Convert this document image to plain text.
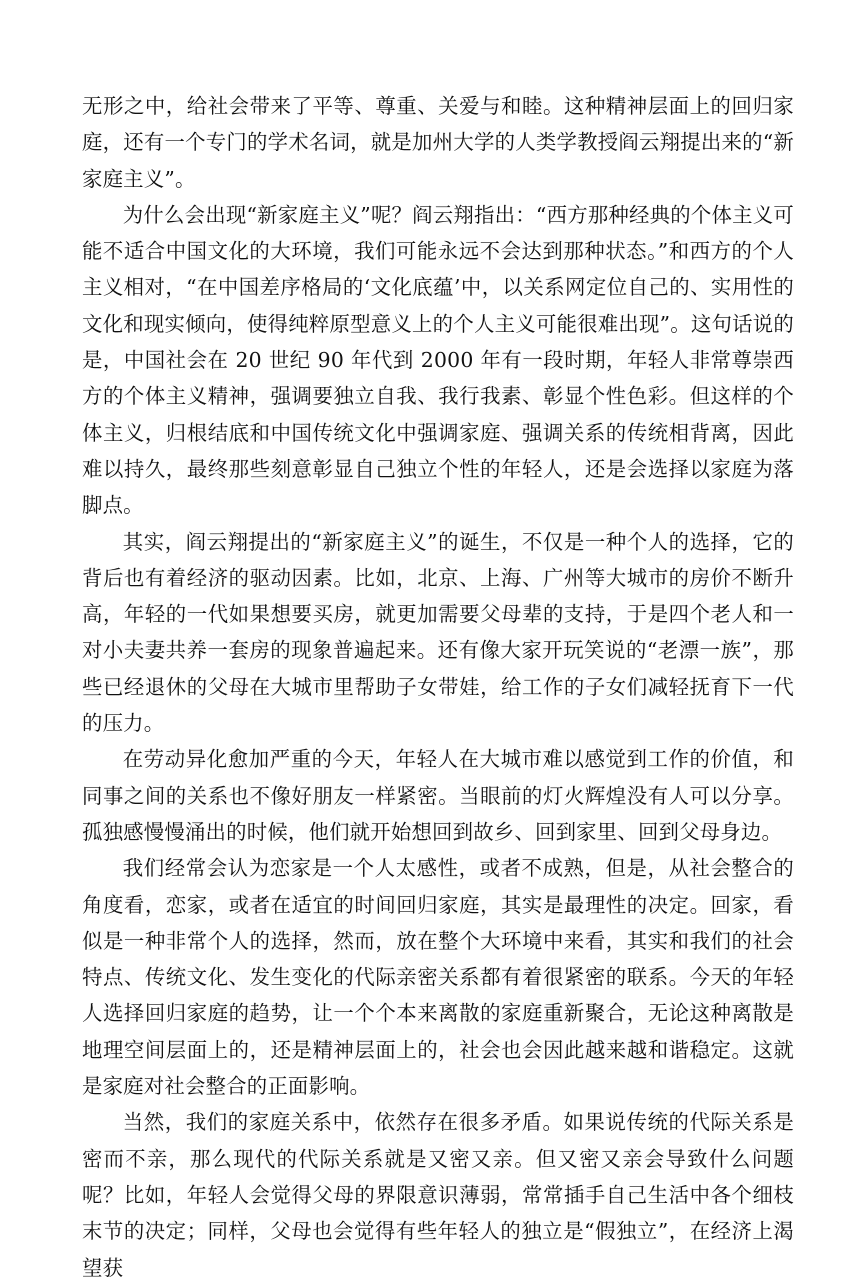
无形之中，给社会带来了平等、尊重、关爱与和睦。这种精神层面上的回归家庭，还有一个专门的学术名词，就是加州大学的人类学教授阎云翔提出来的“新家庭主义”。

为什么会出现“新家庭主义”呢？阎云翔指出：“西方那种经典的个体主义可能不适合中国文化的大环境，我们可能永远不会达到那种状态。”和西方的个人主义相对，“在中国差序格局的‘文化底蕴’中，以关系网定位自己的、实用性的文化和现实倾向，使得纯粹原型意义上的个人主义可能很难出现”。这句话说的是，中国社会在 20 世纪 90 年代到 2000 年有一段时期，年轻人非常尊崇西方的个体主义精神，强调要独立自我、我行我素、彰显个性色彩。但这样的个体主义，归根结底和中国传统文化中强调家庭、强调关系的传统相背离，因此难以持久，最终那些刻意彰显自己独立个性的年轻人，还是会选择以家庭为落脚点。

其实，阎云翔提出的“新家庭主义”的诞生，不仅是一种个人的选择，它的背后也有着经济的驱动因素。比如，北京、上海、广州等大城市的房价不断升高，年轻的一代如果想要买房，就更加需要父母辈的支持，于是四个老人和一对小夫妻共养一套房的现象普遍起来。还有像大家开玩笑说的“老漂一族”，那些已经退休的父母在大城市里帮助子女带娃，给工作的子女们减轻抚育下一代的压力。

在劳动异化愈加严重的今天，年轻人在大城市难以感觉到工作的价值，和同事之间的关系也不像好朋友一样紧密。当眼前的灯火辉煌没有人可以分享。孤独感慢慢涌出的时候，他们就开始想回到故乡、回到家里、回到父母身边。

我们经常会认为恋家是一个人太感性，或者不成熟，但是，从社会整合的角度看，恋家，或者在适宜的时间回归家庭，其实是最理性的决定。回家，看似是一种非常个人的选择，然而，放在整个大环境中来看，其实和我们的社会特点、传统文化、发生变化的代际亲密关系都有着很紧密的联系。今天的年轻人选择回归家庭的趋势，让一个个本来离散的家庭重新聚合，无论这种离散是地理空间层面上的，还是精神层面上的，社会也会因此越来越和谐稳定。这就是家庭对社会整合的正面影响。

当然，我们的家庭关系中，依然存在很多矛盾。如果说传统的代际关系是密而不亲，那么现代的代际关系就是又密又亲。但又密又亲会导致什么问题呢？比如，年轻人会觉得父母的界限意识薄弱，常常插手自己生活中各个细枝末节的决定；同样，父母也会觉得有些年轻人的独立是“假独立”，在经济上渴望获
